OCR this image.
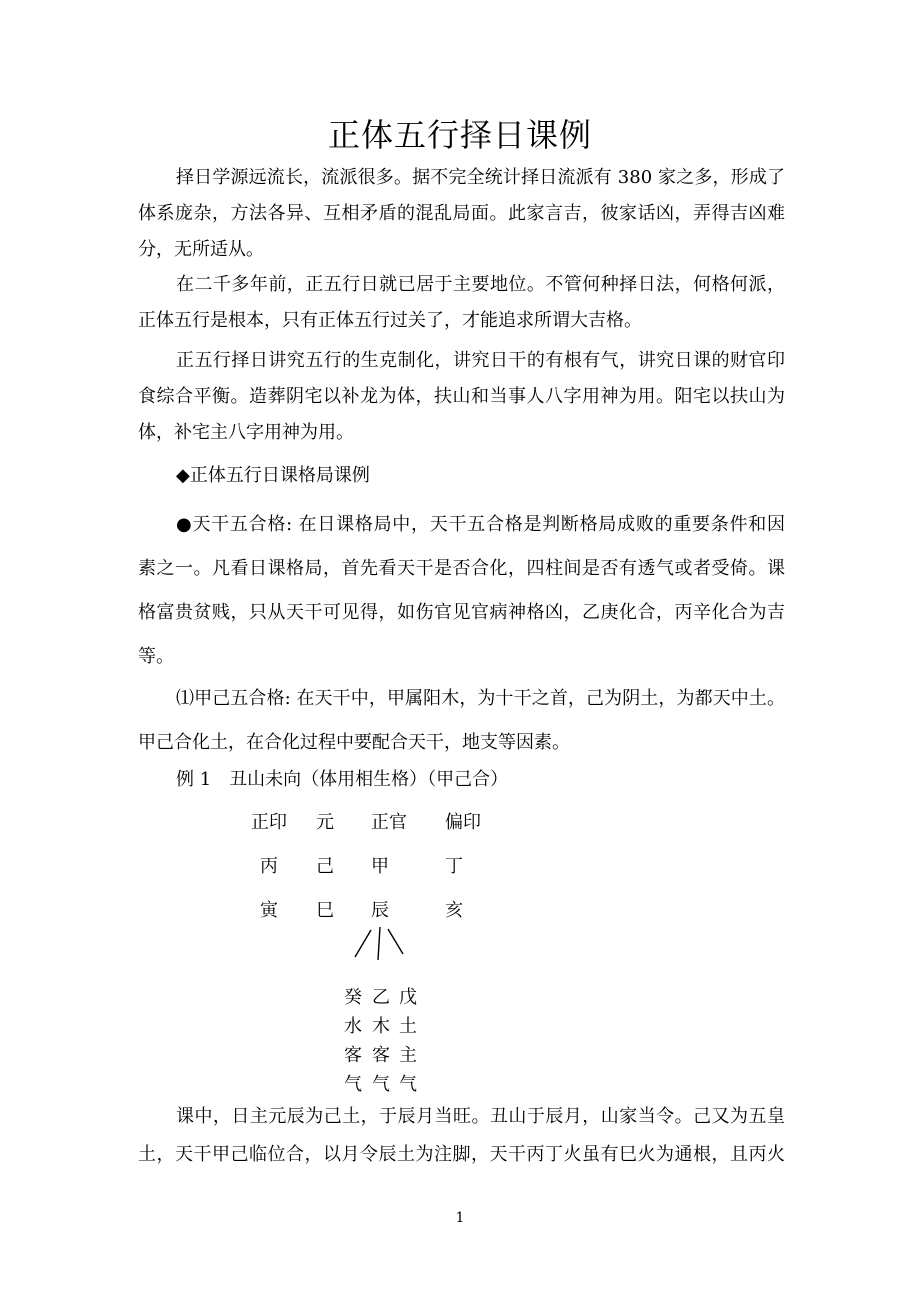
正体五行择日课例

择日学源远流长，流派很多。据不完全统计择日流派有 380 家之多，形成了
体系庞杂，方法各异、互相矛盾的混乱局面。此家言吉，彼家话凶，弄得吉凶难
分，无所适从。

在二千多年前，正五行日就已居于主要地位。不管何种择日法，何格何派，
正体五行是根本，只有正体五行过关了，才能追求所谓大吉格。

正五行择日讲究五行的生克制化，讲究日干的有根有气，讲究日课的财官印
食综合平衡。造葬阴宅以补龙为体，扶山和当事人八字用神为用。阳宅以扶山为
体，补宅主八字用神为用。

◆正体五行日课格局课例

●天干五合格: 在日课格局中，天干五合格是判断格局成败的重要条件和因
素之一。凡看日课格局，首先看天干是否合化，四柱间是否有透气或者受倚。课
格富贵贫贱，只从天干可见得，如伤官见官病神格凶，乙庚化合，丙辛化合为吉
等。

⑴甲己五合格: 在天干中，甲属阳木，为十干之首，己为阴土，为都天中土。
甲己合化土，在合化过程中要配合天干，地支等因素。

例 1　丑山未向（体用相生格）（甲己合）
正印 元 正官 偏印
丙 己 甲	丁
寅 巳 辰	亥
癸
水
客
气
乙
木
客
气
戊
土
主
气

课中，日主元辰为己土，于辰月当旺。丑山于辰月，山家当令。己又为五皇
土，天干甲己临位合，以月令辰土为注脚，天干丙丁火虽有巳火为通根，且丙火

1
